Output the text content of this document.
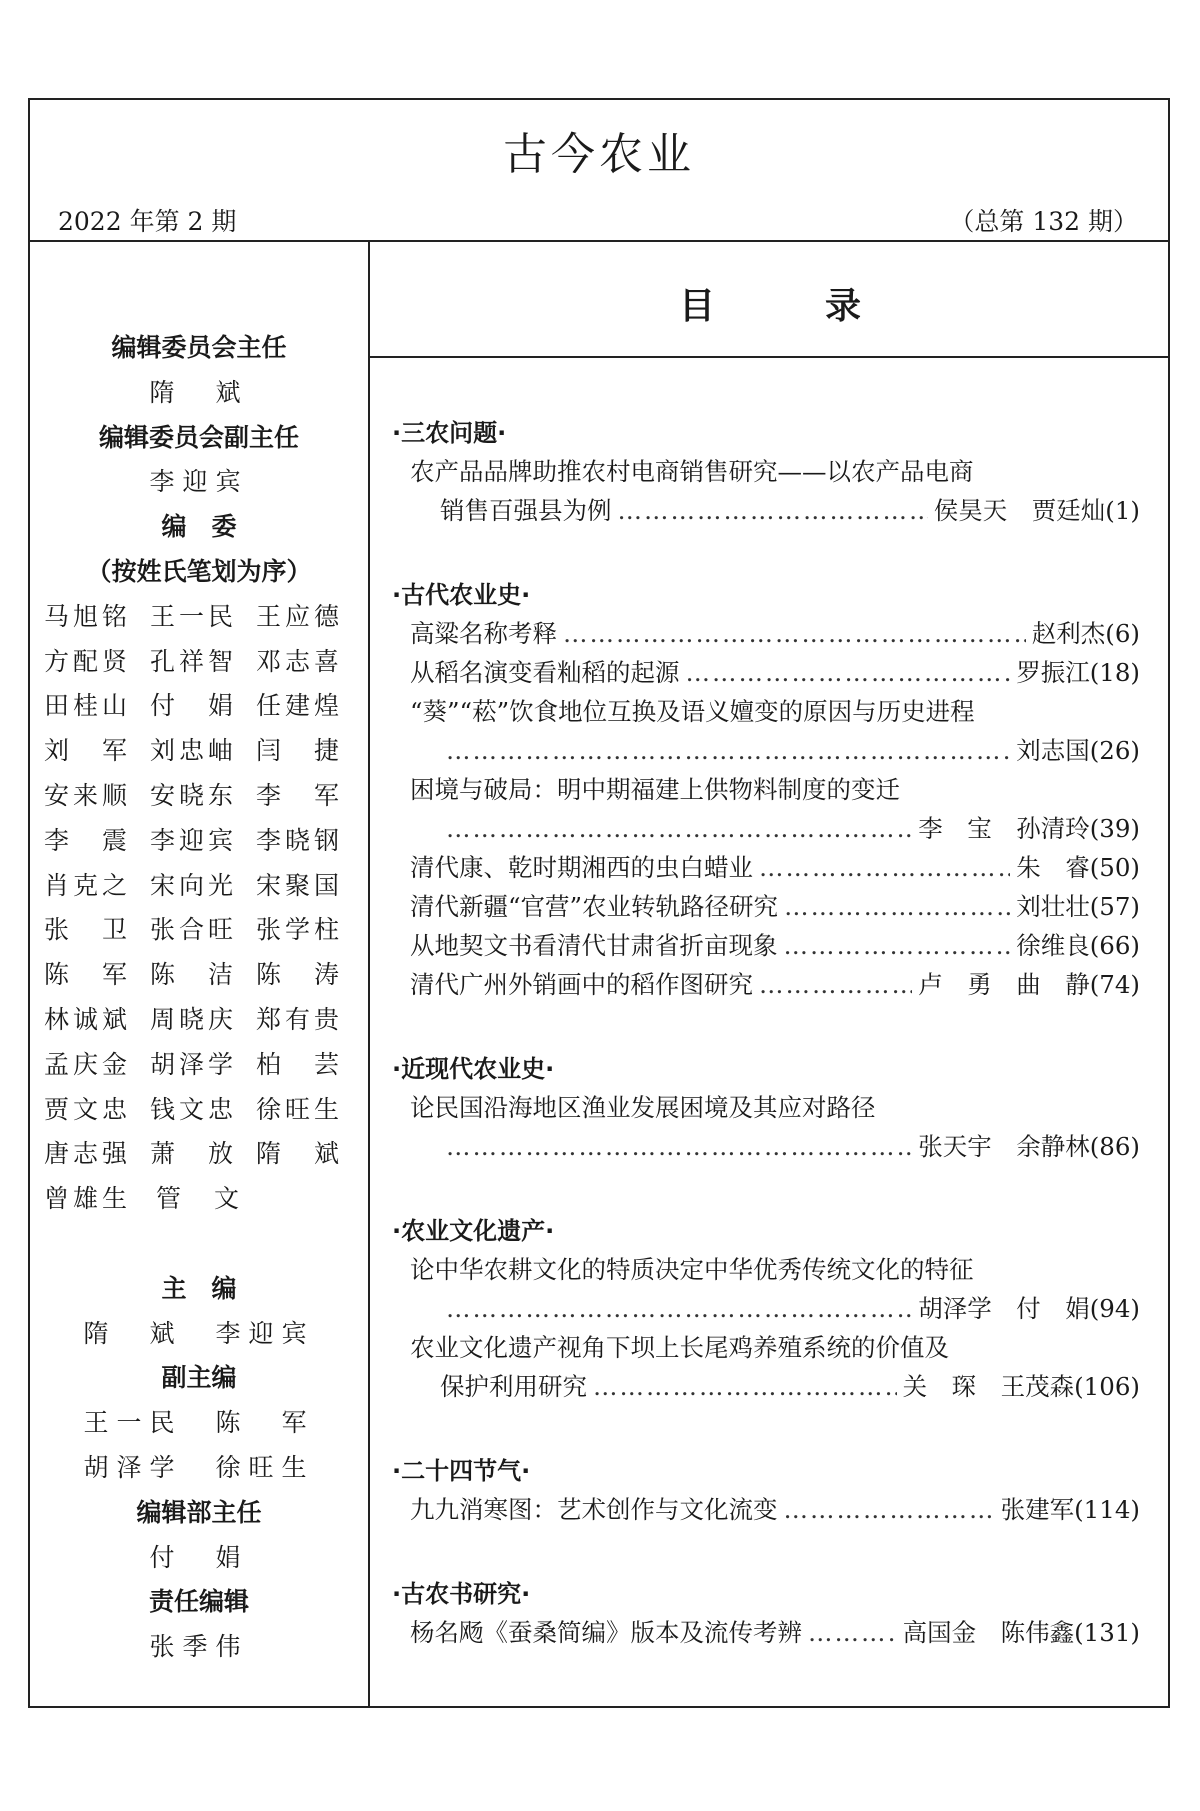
古今农业
2022 年第 2 期	（总第 132 期）
编辑委员会主任
隋　斌
编辑委员会副主任
李迎宾
编　委
（按姓氏笔划为序）
马旭铭 王一民 王应德
方配贤 孔祥智 邓志喜
田桂山 付　娟 任建煌
刘　军 刘忠岫 闫　捷
安来顺 安晓东 李　军
李　震 李迎宾 李晓钢
肖克之 宋向光 宋聚国
张　卫 张合旺 张学柱
陈　军 陈　洁 陈　涛
林诚斌 周晓庆 郑有贵
孟庆金 胡泽学 柏　芸
贾文忠 钱文忠 徐旺生
唐志强 萧　放 隋　斌
曾雄生 管　文
主　编
隋　斌　李迎宾
副主编
王一民　陈　军
胡泽学　徐旺生
编辑部主任
付　娟
责任编辑
张季伟
目	录
·三农问题·
农产品品牌助推农村电商销售研究——以农产品电商
销售百强县为例 ……………………………………………………………………………………………………………………………………	侯昊天　贾廷灿(1)
·古代农业史·
高粱名称考释 ……………………………………………………………………………………………………………………………………	赵利杰(6)
从稻名演变看籼稻的起源 ……………………………………………………………………………………………………………………………………	罗振江(18)
“葵”“菘”饮食地位互换及语义嬗变的原因与历史进程
……………………………………………………………………………………………………………………………………
刘志国(26)
困境与破局：明中期福建上供物料制度的变迁
……………………………………………………………………………………………………………………………………
李　宝　孙清玲(39)
清代康、乾时期湘西的虫白蜡业 ……………………………………………………………………………………………………………………………………	朱　睿(50)
清代新疆“官营”农业转轨路径研究 ……………………………………………………………………………………………………………………………………	刘壮壮(57)
从地契文书看清代甘肃省折亩现象 ……………………………………………………………………………………………………………………………………	徐维良(66)
清代广州外销画中的稻作图研究 ……………………………………………………………………………………………………………………………………	卢　勇　曲　静(74)
·近现代农业史·
论民国沿海地区渔业发展困境及其应对路径
……………………………………………………………………………………………………………………………………
张天宇　余静林(86)
·农业文化遗产·
论中华农耕文化的特质决定中华优秀传统文化的特征
……………………………………………………………………………………………………………………………………
胡泽学　付　娟(94)
农业文化遗产视角下坝上长尾鸡养殖系统的价值及
保护利用研究 ……………………………………………………………………………………………………………………………………	关　琛　王茂森(106)
·二十四节气·
九九消寒图：艺术创作与文化流变 ……………………………………………………………………………………………………………………………………	张建军(114)
·古农书研究·
杨名飏《蚕桑简编》版本及流传考辨 ……………………………………………………………………………………………………………………………………	高国金　陈伟鑫(131)
